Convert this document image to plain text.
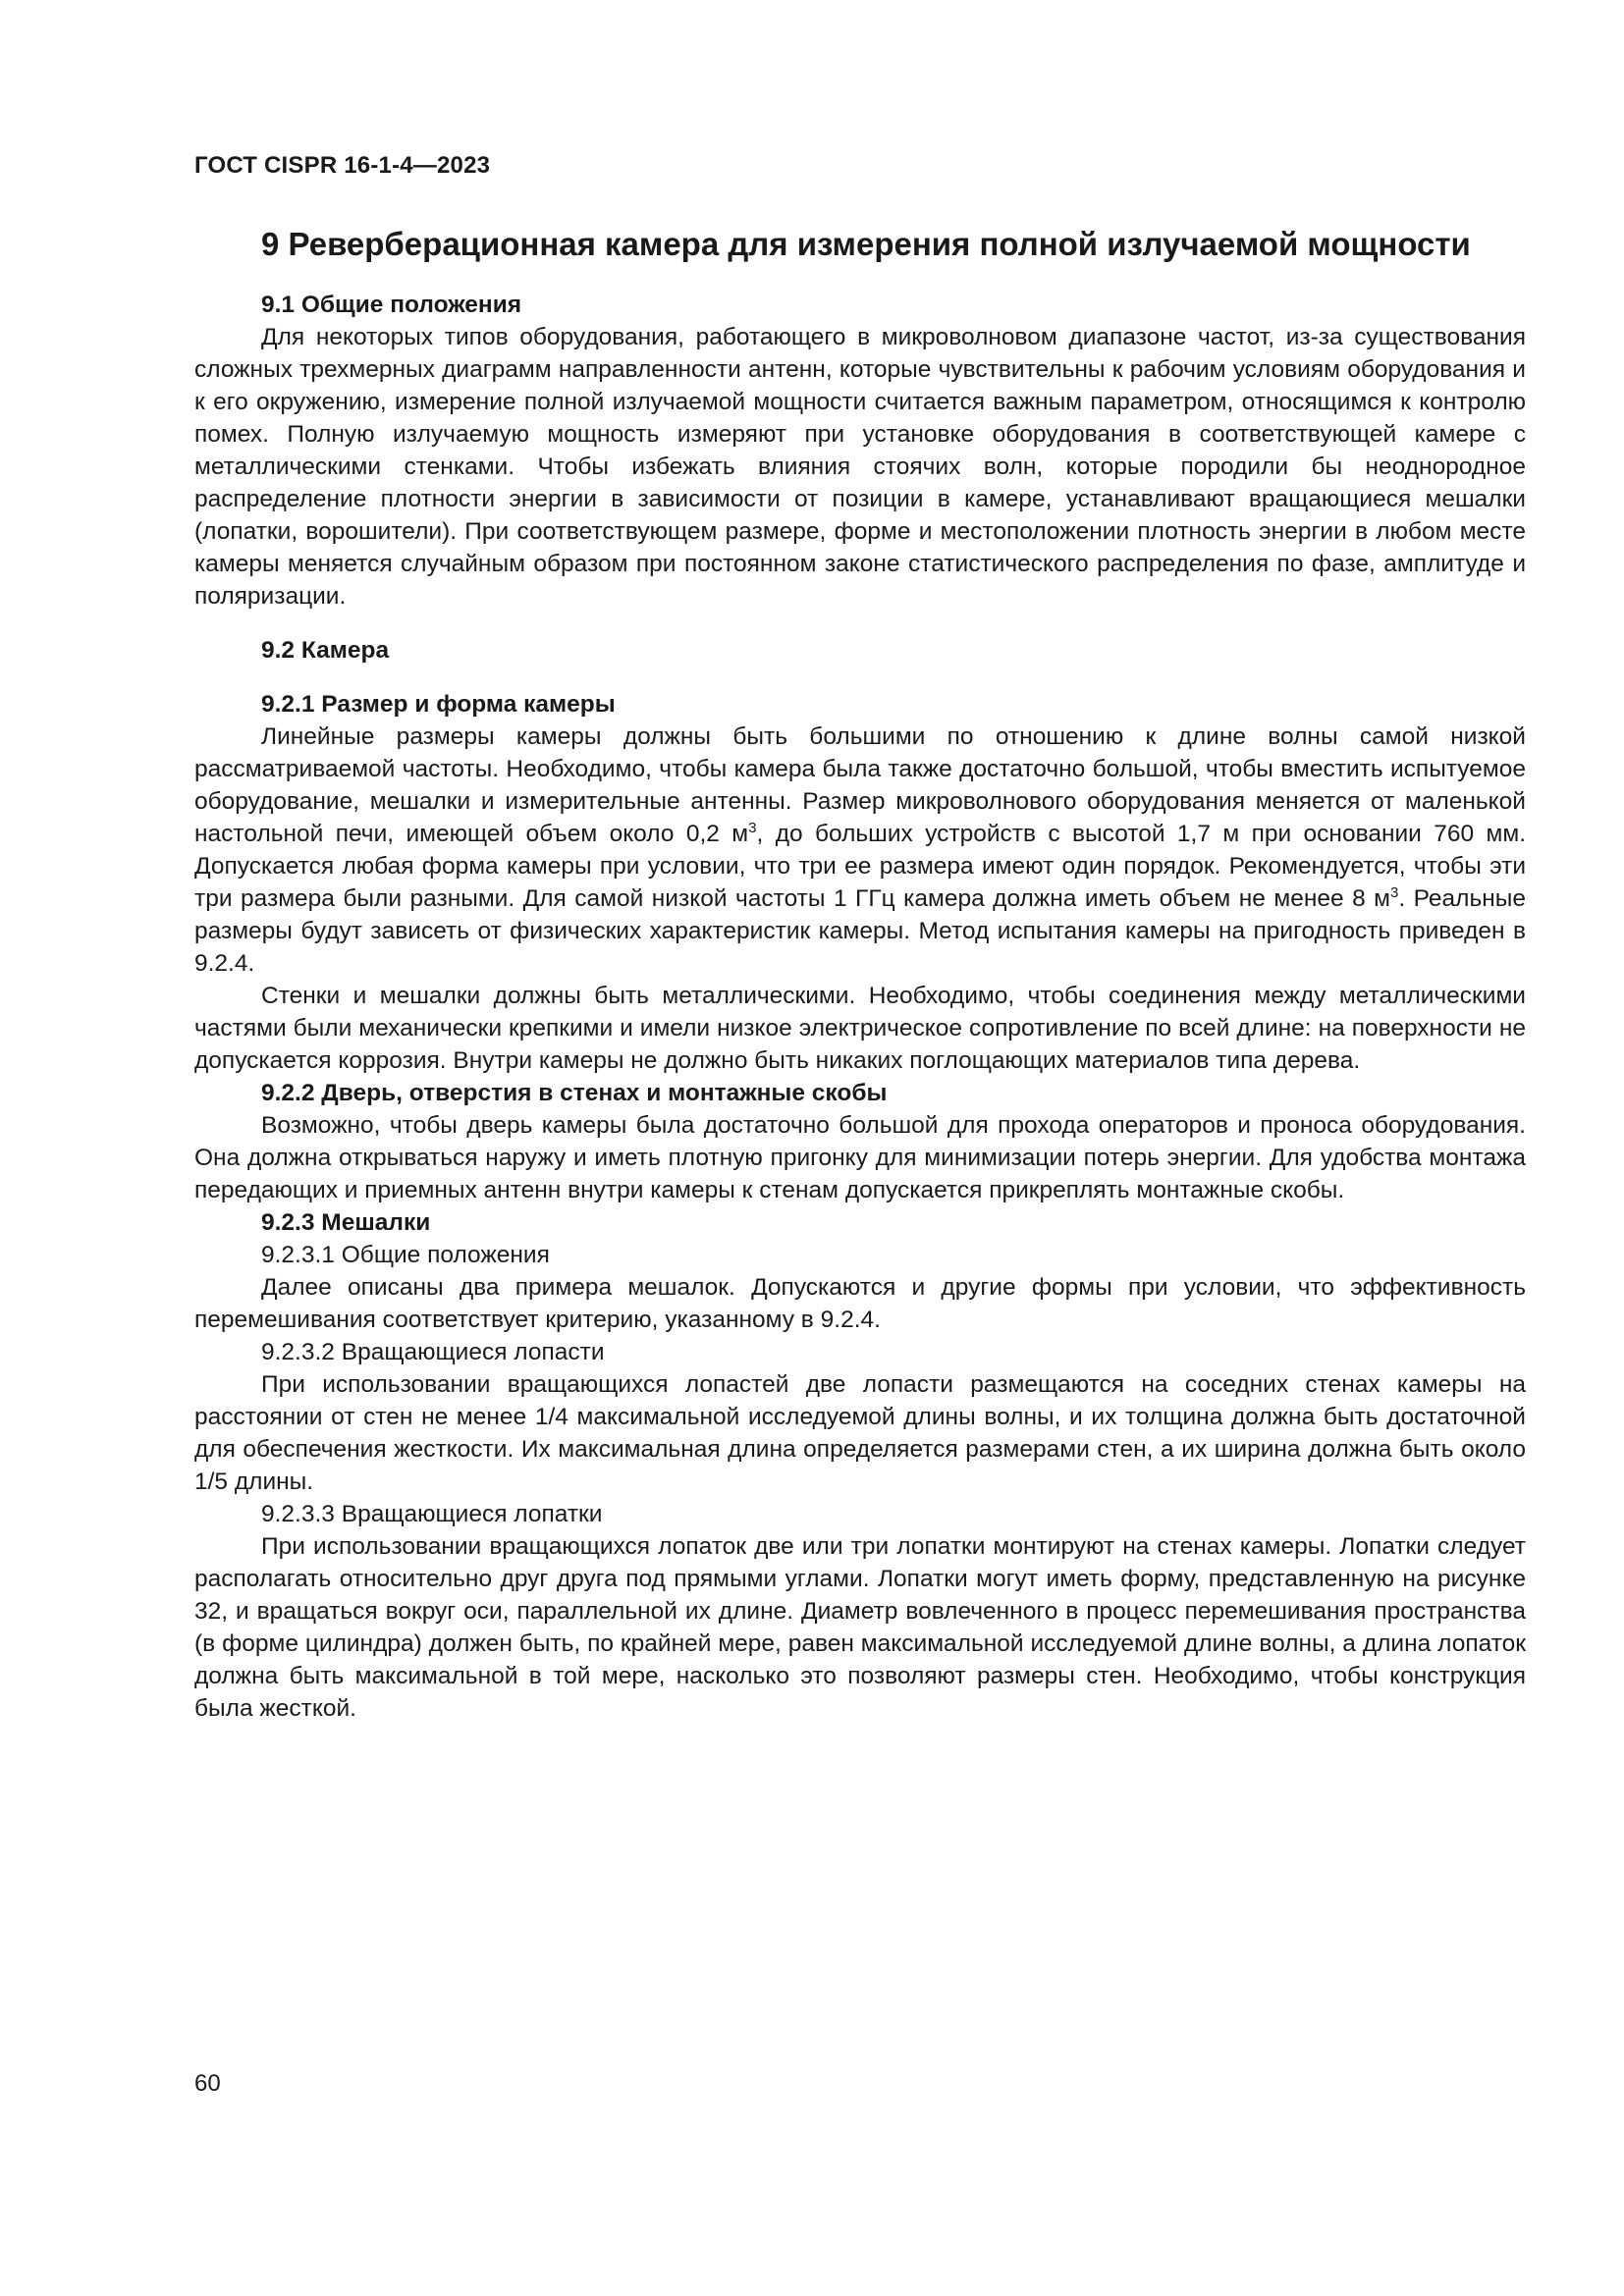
ГОСТ CISPR 16-1-4—2023
9 Реверберационная камера для измерения полной излучаемой мощности
9.1 Общие положения

Для некоторых типов оборудования, работающего в микроволновом диапазоне частот, из-за существования сложных трехмерных диаграмм направленности антенн, которые чувствительны к рабочим условиям оборудования и к его окружению, измерение полной излучаемой мощности считается важным параметром, относящимся к контролю помех. Полную излучаемую мощность измеряют при установке оборудования в соответствующей камере с металлическими стенками. Чтобы избежать влияния стоячих волн, которые породили бы неоднородное распределение плотности энергии в зависимости от позиции в камере, устанавливают вращающиеся мешалки (лопатки, ворошители). При соответствующем размере, форме и местоположении плотность энергии в любом месте камеры меняется случайным образом при постоянном законе статистического распределения по фазе, амплитуде и поляризации.

9.2 Камера
9.2.1 Размер и форма камеры

Линейные размеры камеры должны быть большими по отношению к длине волны самой низкой рассматриваемой частоты. Необходимо, чтобы камера была также достаточно большой, чтобы вместить испытуемое оборудование, мешалки и измерительные антенны. Размер микроволнового оборудования меняется от маленькой настольной печи, имеющей объем около 0,2 $м^3$, до больших устройств с высотой 1,7 м при основании 760 мм. Допускается любая форма камеры при условии, что три ее размера имеют один порядок. Рекомендуется, чтобы эти три размера были разными. Для самой низкой частоты 1 ГГц камера должна иметь объем не менее 8 $м^3$. Реальные размеры будут зависеть от физических характеристик камеры. Метод испытания камеры на пригодность приведен в 9.2.4.

Стенки и мешалки должны быть металлическими. Необходимо, чтобы соединения между металлическими частями были механически крепкими и имели низкое электрическое сопротивление по всей длине: на поверхности не допускается коррозия. Внутри камеры не должно быть никаких поглощающих материалов типа дерева.

9.2.2 Дверь, отверстия в стенах и монтажные скобы

Возможно, чтобы дверь камеры была достаточно большой для прохода операторов и проноса оборудования. Она должна открываться наружу и иметь плотную пригонку для минимизации потерь энергии. Для удобства монтажа передающих и приемных антенн внутри камеры к стенам допускается прикреплять монтажные скобы.

9.2.3 Мешалки
9.2.3.1 Общие положения

Далее описаны два примера мешалок. Допускаются и другие формы при условии, что эффективность перемешивания соответствует критерию, указанному в 9.2.4.

9.2.3.2 Вращающиеся лопасти

При использовании вращающихся лопастей две лопасти размещаются на соседних стенах камеры на расстоянии от стен не менее 1/4 максимальной исследуемой длины волны, и их толщина должна быть достаточной для обеспечения жесткости. Их максимальная длина определяется размерами стен, а их ширина должна быть около 1/5 длины.

9.2.3.3 Вращающиеся лопатки

При использовании вращающихся лопаток две или три лопатки монтируют на стенах камеры. Лопатки следует располагать относительно друг друга под прямыми углами. Лопатки могут иметь форму, представленную на рисунке 32, и вращаться вокруг оси, параллельной их длине. Диаметр вовлеченного в процесс перемешивания пространства (в форме цилиндра) должен быть, по крайней мере, равен максимальной исследуемой длине волны, а длина лопаток должна быть максимальной в той мере, насколько это позволяют размеры стен. Необходимо, чтобы конструкция была жесткой.

60
